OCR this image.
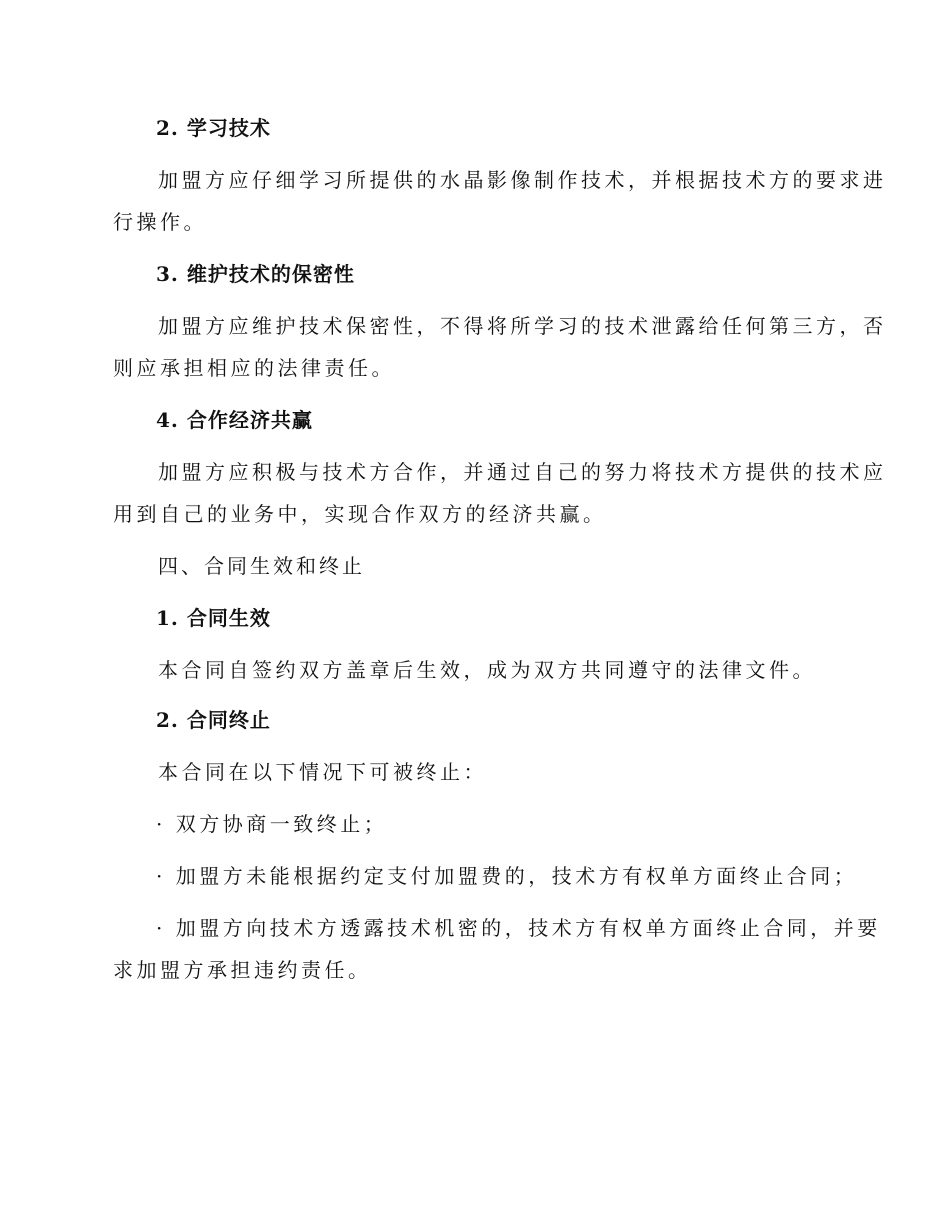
2. 学习技术
加盟方应仔细学习所提供的水晶影像制作技术，并根据技术方的要求进
行操作。
3. 维护技术的保密性
加盟方应维护技术保密性，不得将所学习的技术泄露给任何第三方，否
则应承担相应的法律责任。
4. 合作经济共赢
加盟方应积极与技术方合作，并通过自己的努力将技术方提供的技术应
用到自己的业务中，实现合作双方的经济共赢。
四、合同生效和终止
1. 合同生效
本合同自签约双方盖章后生效，成为双方共同遵守的法律文件。
2. 合同终止
本合同在以下情况下可被终止：
· 双方协商一致终止；
· 加盟方未能根据约定支付加盟费的，技术方有权单方面终止合同；
· 加盟方向技术方透露技术机密的，技术方有权单方面终止合同，并要
求加盟方承担违约责任。
